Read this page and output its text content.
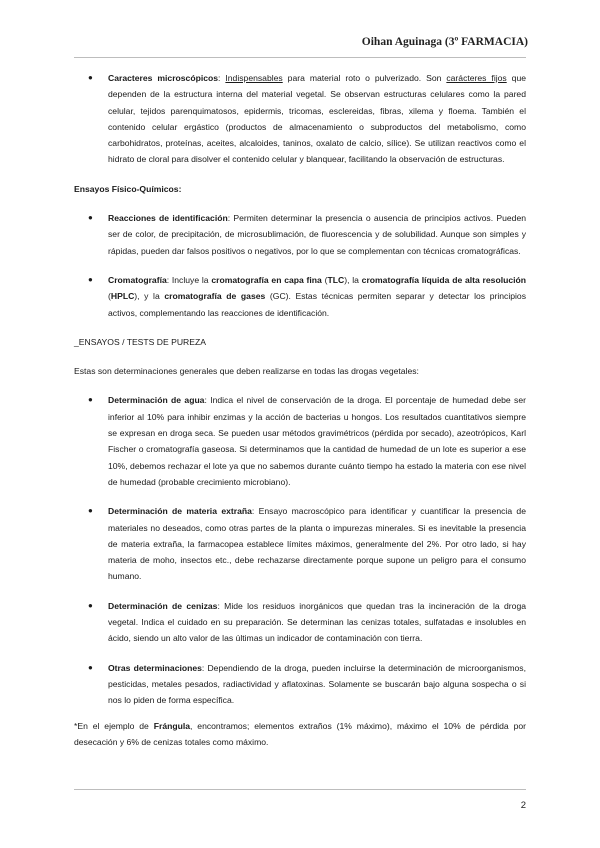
Oihan Aguinaga (3º FARMACIA)

● Caracteres microscópicos: Indispensables para material roto o pulverizado. Son carácteres fijos que dependen de la estructura interna del material vegetal. Se observan estructuras celulares como la pared celular, tejidos parenquimatosos, epidermis, tricomas, esclereidas, fibras, xilema y floema. También el contenido celular ergástico (productos de almacenamiento o subproductos del metabolismo, como carbohidratos, proteínas, aceites, alcaloides, taninos, oxalato de calcio, sílice). Se utilizan reactivos como el hidrato de cloral para disolver el contenido celular y blanquear, facilitando la observación de estructuras.

Ensayos Físico-Químicos:

● Reacciones de identificación: Permiten determinar la presencia o ausencia de principios activos. Pueden ser de color, de precipitación, de microsublimación, de fluorescencia y de solubilidad. Aunque son simples y rápidas, pueden dar falsos positivos o negativos, por lo que se complementan con técnicas cromatográficas.

● Cromatografía: Incluye la cromatografía en capa fina (TLC), la cromatografía líquida de alta resolución (HPLC), y la cromatografía de gases (GC). Estas técnicas permiten separar y detectar los principios activos, complementando las reacciones de identificación.

_ENSAYOS / TESTS DE PUREZA

Estas son determinaciones generales que deben realizarse en todas las drogas vegetales:

● Determinación de agua: Indica el nivel de conservación de la droga. El porcentaje de humedad debe ser inferior al 10% para inhibir enzimas y la acción de bacterias u hongos. Los resultados cuantitativos siempre se expresan en droga seca. Se pueden usar métodos gravimétricos (pérdida por secado), azeotrópicos, Karl Fischer o cromatografía gaseosa. Si determinamos que la cantidad de humedad de un lote es superior a ese 10%, debemos rechazar el lote ya que no sabemos durante cuánto tiempo ha estado la materia con ese nivel de humedad (probable crecimiento microbiano).

● Determinación de materia extraña: Ensayo macroscópico para identificar y cuantificar la presencia de materiales no deseados, como otras partes de la planta o impurezas minerales. Si es inevitable la presencia de materia extraña, la farmacopea establece límites máximos, generalmente del 2%. Por otro lado, si hay materia de moho, insectos etc., debe rechazarse directamente porque supone un peligro para el consumo humano.

● Determinación de cenizas: Mide los residuos inorgánicos que quedan tras la incineración de la droga vegetal. Indica el cuidado en su preparación. Se determinan las cenizas totales, sulfatadas e insolubles en ácido, siendo un alto valor de las últimas un indicador de contaminación con tierra.

● Otras determinaciones: Dependiendo de la droga, pueden incluirse la determinación de microorganismos, pesticidas, metales pesados, radiactividad y aflatoxinas. Solamente se buscarán bajo alguna sospecha o si nos lo piden de forma específica.

*En el ejemplo de Frángula, encontramos; elementos extraños (1% máximo), máximo el 10% de pérdida por desecación y 6% de cenizas totales como máximo.

2
